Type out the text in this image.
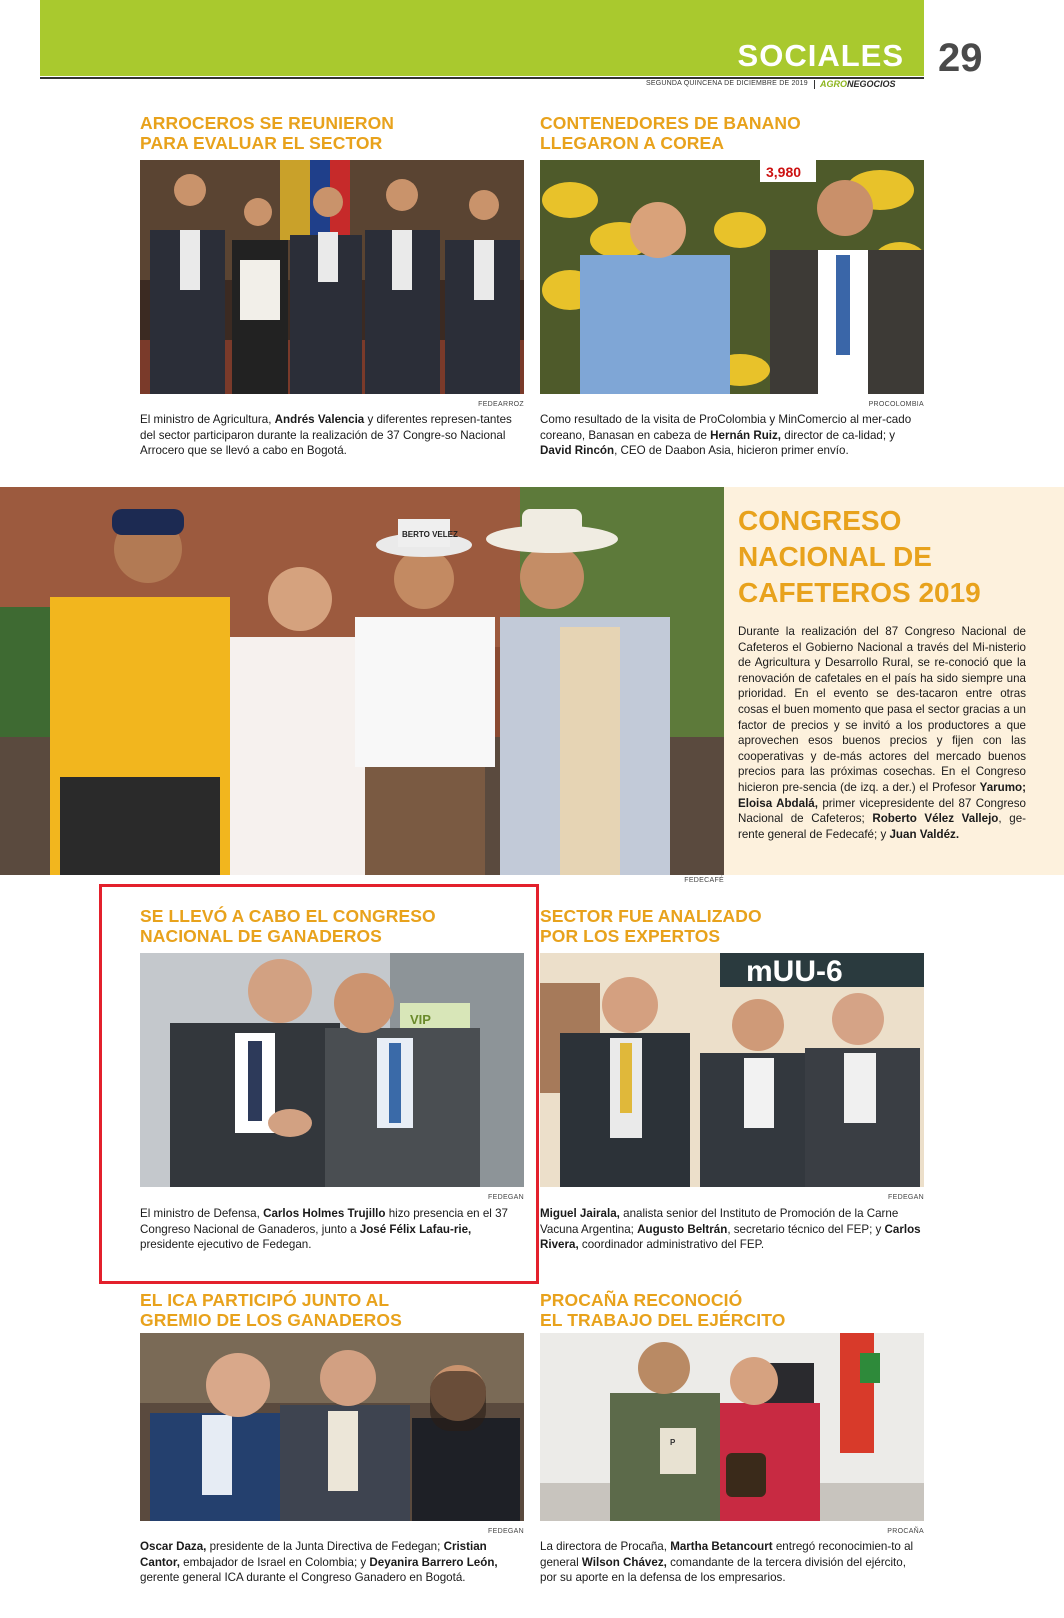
SOCIALES 29
SEGUNDA QUINCENA DE DICIEMBRE DE 2019 AGRONEGOCIOS
ARROCEROS SE REUNIERON
PARA EVALUAR EL SECTOR
FEDEARROZ
El ministro de Agricultura, Andrés Valencia y diferentes represen-tantes del sector participaron durante la realización de 37 Congre-so Nacional Arrocero que se llevó a cabo en Bogotá.
CONTENEDORES DE BANANO
LLEGARON A COREA
3,980
PROCOLOMBIA
Como resultado de la visita de ProColombia y MinComercio al mer-cado coreano, Banasan en cabeza de Hernán Ruiz, director de ca-lidad; y David Rincón, CEO de Daabon Asia, hicieron primer envío.
BERTO VELEZ	CONGRESO
NACIONAL DE
CAFETEROS 2019
Durante la realización del 87 Congreso Nacional de Cafeteros el Gobierno Nacional a través del Mi-nisterio de Agricultura y Desarrollo Rural, se re-conoció que la renovación de cafetales en el país ha sido siempre una prioridad. En el evento se des-tacaron entre otras cosas el buen momento que pasa el sector gracias a un factor de precios y se invitó a los productores a que aprovechen esos buenos precios y fijen con las cooperativas y de-más actores del mercado buenos precios para las próximas cosechas. En el Congreso hicieron pre-sencia (de izq. a der.) el Profesor Yarumo; Eloisa Abdalá, primer vicepresidente del 87 Congreso Nacional de Cafeteros; Roberto Vélez Vallejo, ge-rente general de Fedecafé; y Juan Valdéz.
FEDECAFÉ
SE LLEVÓ A CABO EL CONGRESO
NACIONAL DE GANADEROS
VIP
FEDEGAN
El ministro de Defensa, Carlos Holmes Trujillo hizo presencia en el 37 Congreso Nacional de Ganaderos, junto a José Félix Lafau-rie, presidente ejecutivo de Fedegan.
SECTOR FUE ANALIZADO
POR LOS EXPERTOS
mUU-6
FEDEGAN
Miguel Jairala, analista senior del Instituto de Promoción de la Carne Vacuna Argentina; Augusto Beltrán, secretario técnico del FEP; y Carlos Rivera, coordinador administrativo del FEP.
EL ICA PARTICIPÓ JUNTO AL
GREMIO DE LOS GANADEROS
FEDEGAN
Oscar Daza, presidente de la Junta Directiva de Fedegan; Cristian Cantor, embajador de Israel en Colombia; y Deyanira Barrero León, gerente general ICA durante el Congreso Ganadero en Bogotá.
PROCAÑA RECONOCIÓ
EL TRABAJO DEL EJÉRCITO
P
PROCAÑA
La directora de Procaña, Martha Betancourt entregó reconocimien-to al general Wilson Chávez, comandante de la tercera división del ejército, por su aporte en la defensa de los empresarios.
